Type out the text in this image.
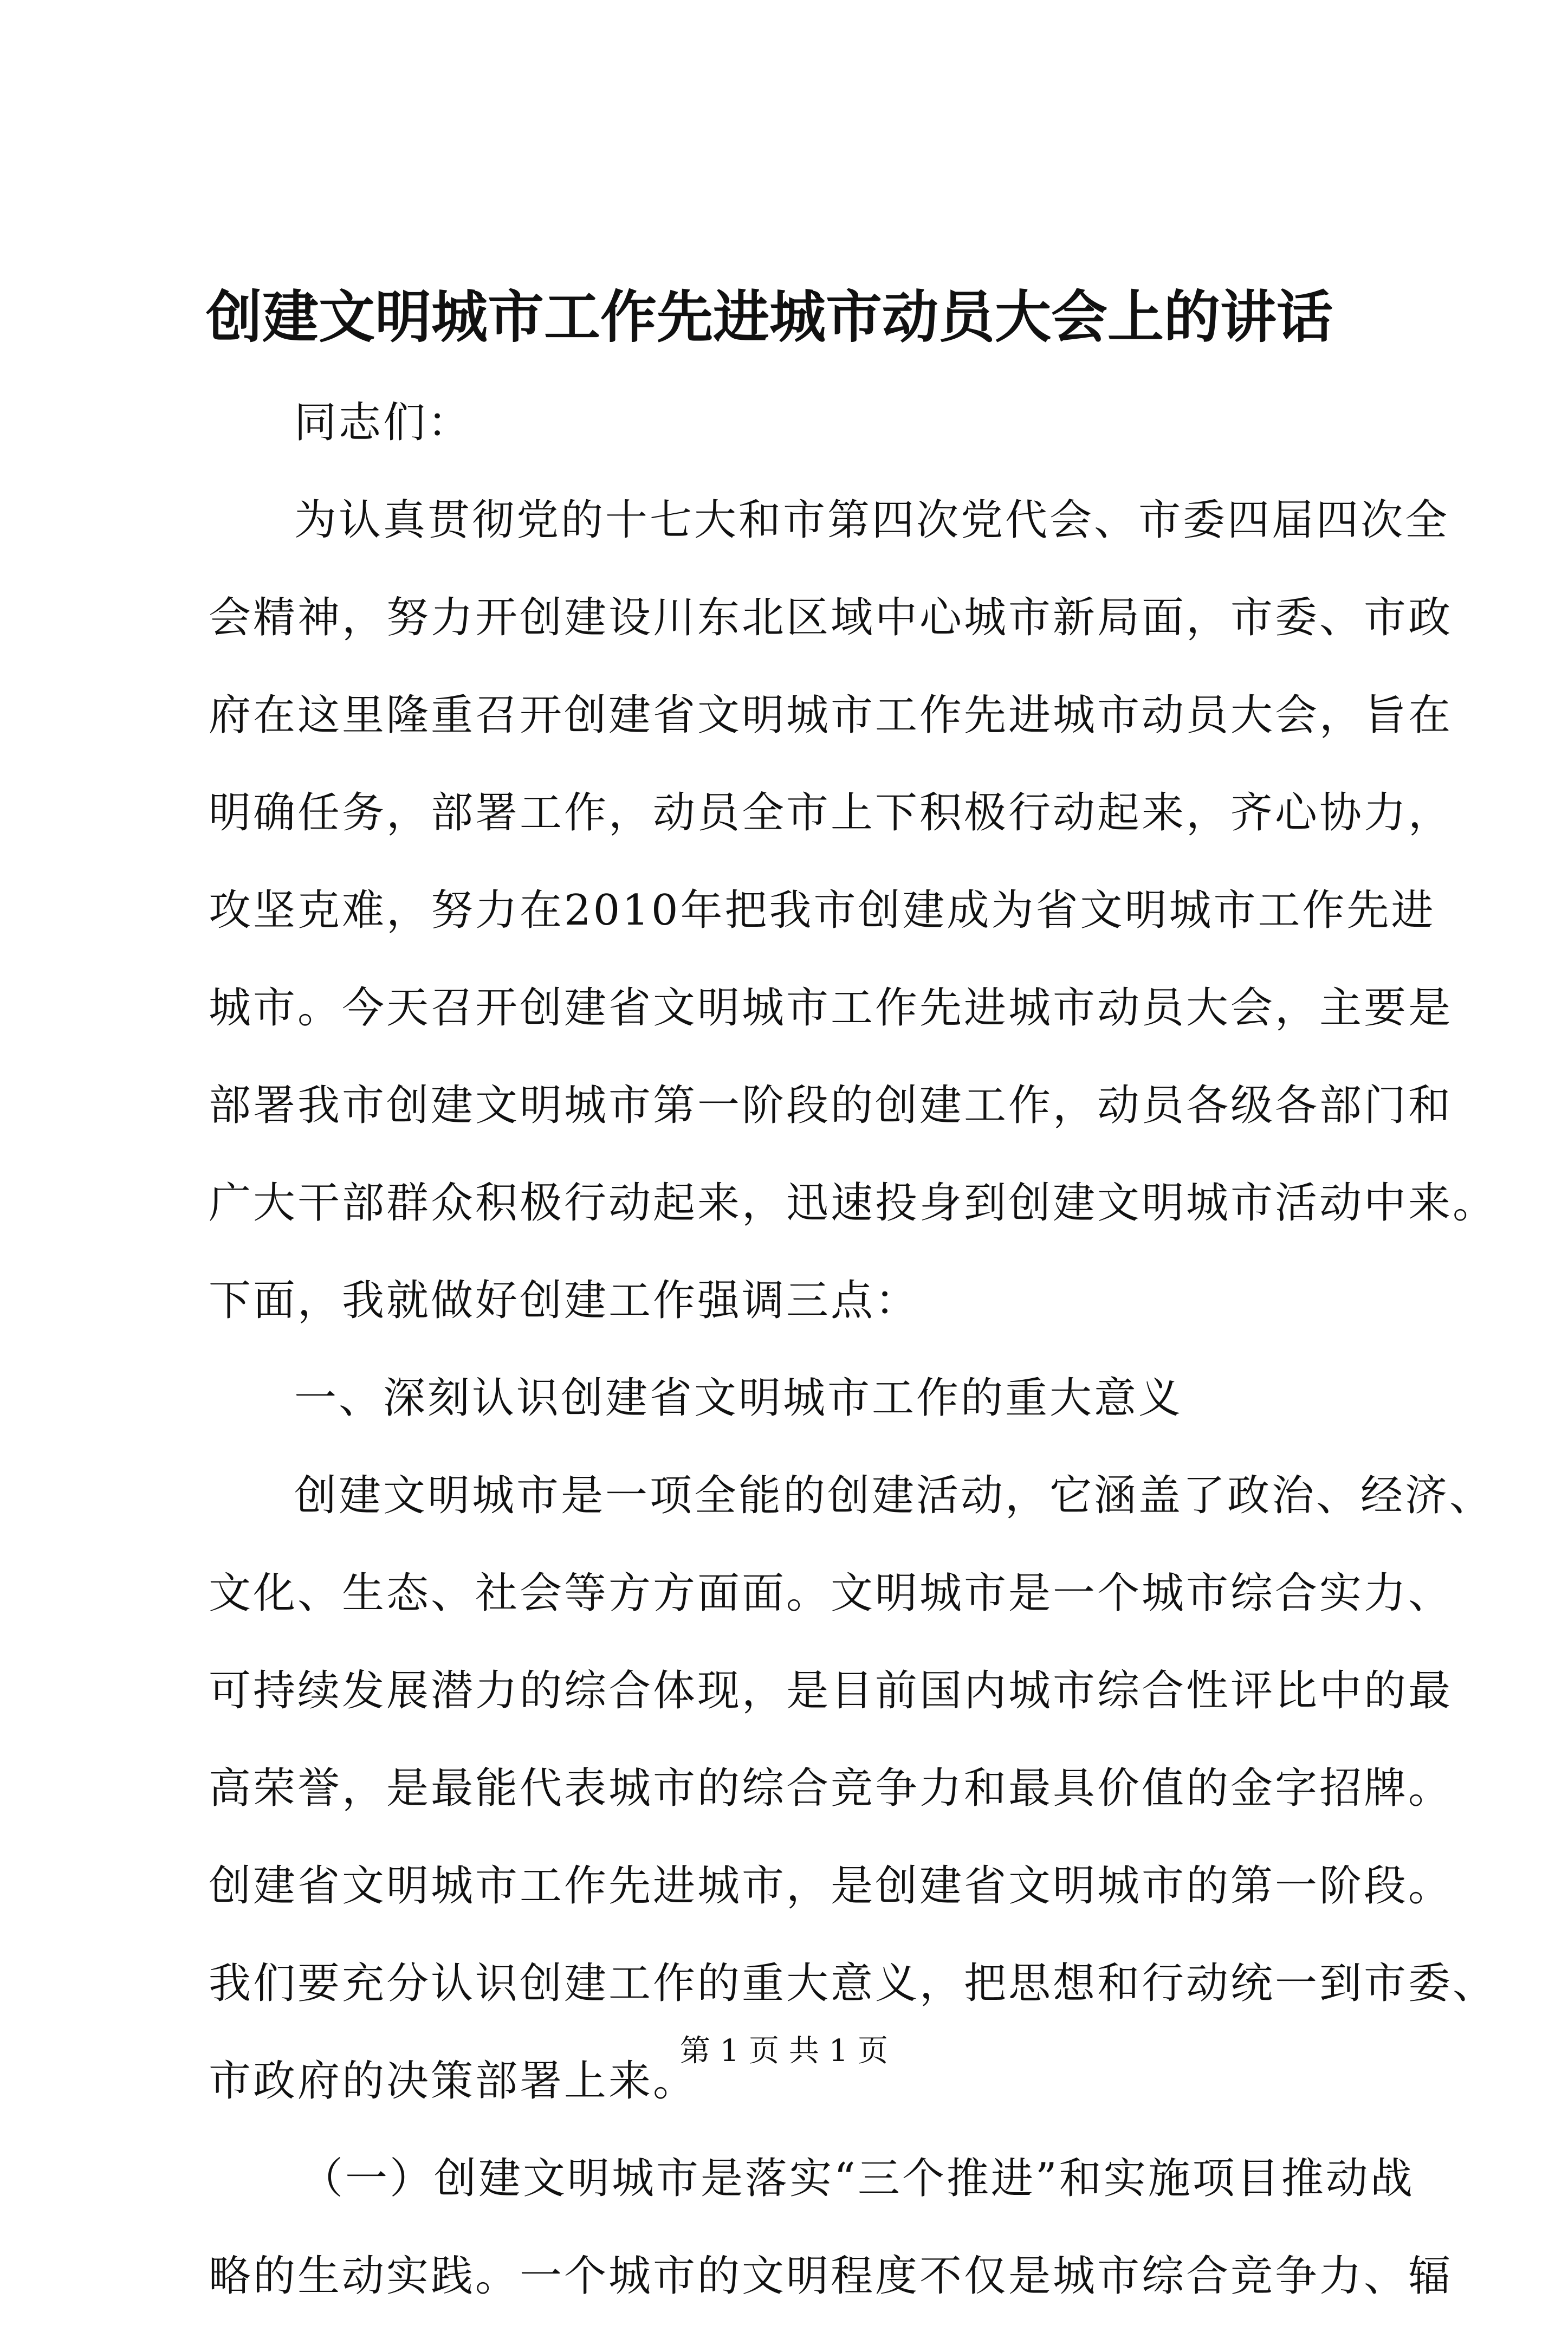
创建文明城市工作先进城市动员大会上的讲话
同志们：
为认真贯彻党的十七大和市第四次党代会、市委四届四次全
会精神，努力开创建设川东北区域中心城市新局面，市委、市政
府在这里隆重召开创建省文明城市工作先进城市动员大会，旨在
明确任务，部署工作，动员全市上下积极行动起来，齐心协力，
攻坚克难，努力在2010年把我市创建成为省文明城市工作先进
城市。今天召开创建省文明城市工作先进城市动员大会，主要是
部署我市创建文明城市第一阶段的创建工作，动员各级各部门和
广大干部群众积极行动起来，迅速投身到创建文明城市活动中来。
下面，我就做好创建工作强调三点：
一、深刻认识创建省文明城市工作的重大意义
创建文明城市是一项全能的创建活动，它涵盖了政治、经济、
文化、生态、社会等方方面面。文明城市是一个城市综合实力、
可持续发展潜力的综合体现，是目前国内城市综合性评比中的最
高荣誉，是最能代表城市的综合竞争力和最具价值的金字招牌。
创建省文明城市工作先进城市，是创建省文明城市的第一阶段。
我们要充分认识创建工作的重大意义，把思想和行动统一到市委、
市政府的决策部署上来。
（一）创建文明城市是落实“三个推进”和实施项目推动战
略的生动实践。一个城市的文明程度不仅是城市综合竞争力、辐
第 1 页 共 1 页
